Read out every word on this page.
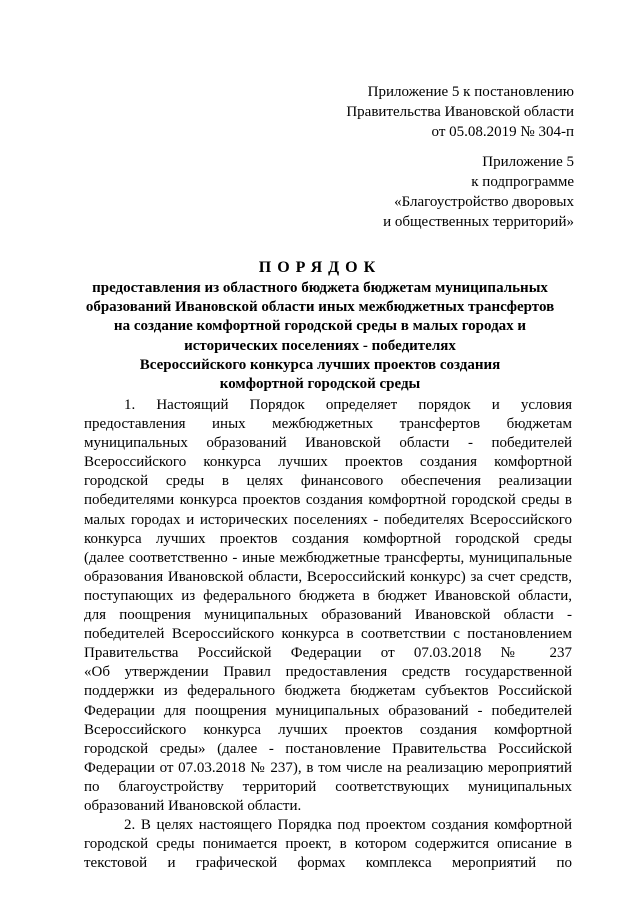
Приложение 5 к постановлению
Правительства Ивановской области
от 05.08.2019 № 304-п
Приложение 5
к подпрограмме
«Благоустройство дворовых
и общественных территорий»
ПОРЯДОК
предоставления из областного бюджета бюджетам муниципальных
образований Ивановской области иных межбюджетных трансфертов
на создание комфортной городской среды в малых городах и
исторических поселениях - победителях
Всероссийского конкурса лучших проектов создания
комфортной городской среды
1. Настоящий Порядок определяет порядок и условия
предоставления иных межбюджетных трансфертов бюджетам
муниципальных образований Ивановской области - победителей
Всероссийского конкурса лучших проектов создания комфортной
городской среды в целях финансового обеспечения реализации
победителями конкурса проектов создания комфортной городской среды в
малых городах и исторических поселениях - победителях Всероссийского
конкурса лучших проектов создания комфортной городской среды
(далее соответственно - иные межбюджетные трансферты, муниципальные
образования Ивановской области, Всероссийский конкурс) за счет средств,
поступающих из федерального бюджета в бюджет Ивановской области,
для поощрения муниципальных образований Ивановской области -
победителей Всероссийского конкурса в соответствии с постановлением
Правительства Российской Федерации от 07.03.2018 № 237
«Об утверждении Правил предоставления средств государственной
поддержки из федерального бюджета бюджетам субъектов Российской
Федерации для поощрения муниципальных образований - победителей
Всероссийского конкурса лучших проектов создания комфортной
городской среды» (далее - постановление Правительства Российской
Федерации от 07.03.2018 № 237), в том числе на реализацию мероприятий
по благоустройству территорий соответствующих муниципальных
образований Ивановской области.
2. В целях настоящего Порядка под проектом создания комфортной
городской среды понимается проект, в котором содержится описание в
текстовой и графической формах комплекса мероприятий по
